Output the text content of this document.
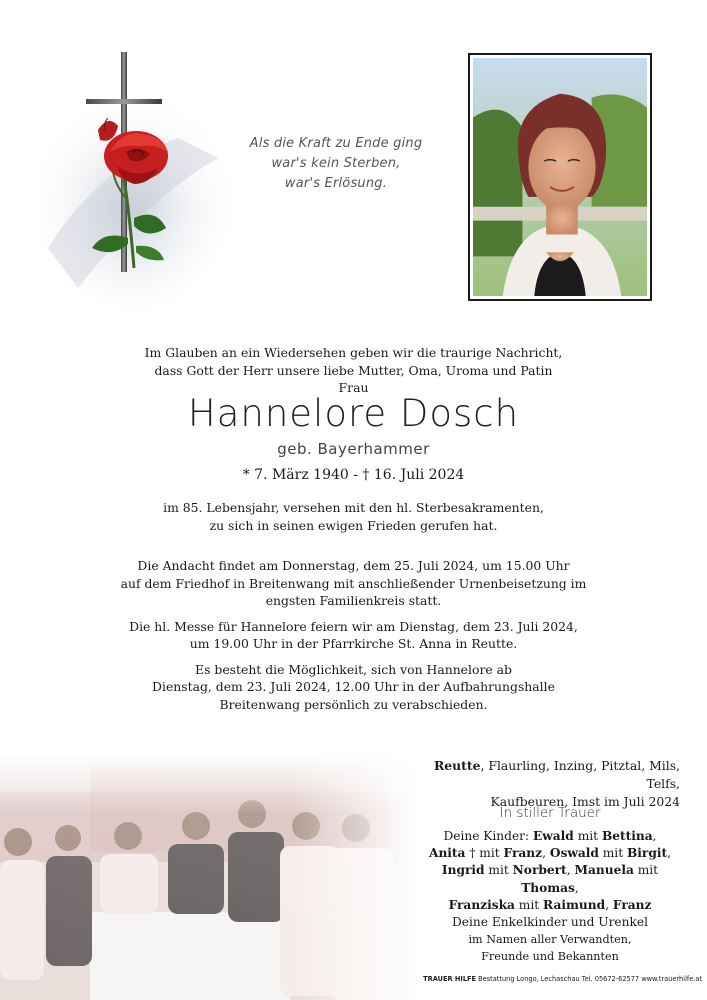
Als die Kraft zu Ende ging
war's kein Sterben,
war's Erlösung.
Im Glauben an ein Wiedersehen geben wir die traurige Nachricht,
dass Gott der Herr unsere liebe Mutter, Oma, Uroma und Patin
Frau
Hannelore Dosch
geb. Bayerhammer
* 7. März 1940 - † 16. Juli 2024
im 85. Lebensjahr, versehen mit den hl. Sterbesakramenten,
zu sich in seinen ewigen Frieden gerufen hat.

Die Andacht findet am Donnerstag, dem 25. Juli 2024, um 15.00 Uhr
auf dem Friedhof in Breitenwang mit anschließender Urnenbeisetzung im
engsten Familienkreis statt.

Die hl. Messe für Hannelore feiern wir am Dienstag, dem 23. Juli 2024,
um 19.00 Uhr in der Pfarrkirche St. Anna in Reutte.

Es besteht die Möglichkeit, sich von Hannelore ab
Dienstag, dem 23. Juli 2024, 12.00 Uhr in der Aufbahrungshalle
Breitenwang persönlich zu verabschieden.

Reutte, Flaurling, Inzing, Pitztal, Mils, Telfs,
Kaufbeuren, Imst im Juli 2024
In stiller Trauer
Deine Kinder: Ewald mit Bettina,
Anita † mit Franz, Oswald mit Birgit,
Ingrid mit Norbert, Manuela mit Thomas,
Franziska mit Raimund, Franz
Deine Enkelkinder und Urenkel
im Namen aller Verwandten,
Freunde und Bekannten
TRAUER HILFE Bestattung Longo, Lechaschau Tel. 05672-62577 www.trauerhilfe.at
